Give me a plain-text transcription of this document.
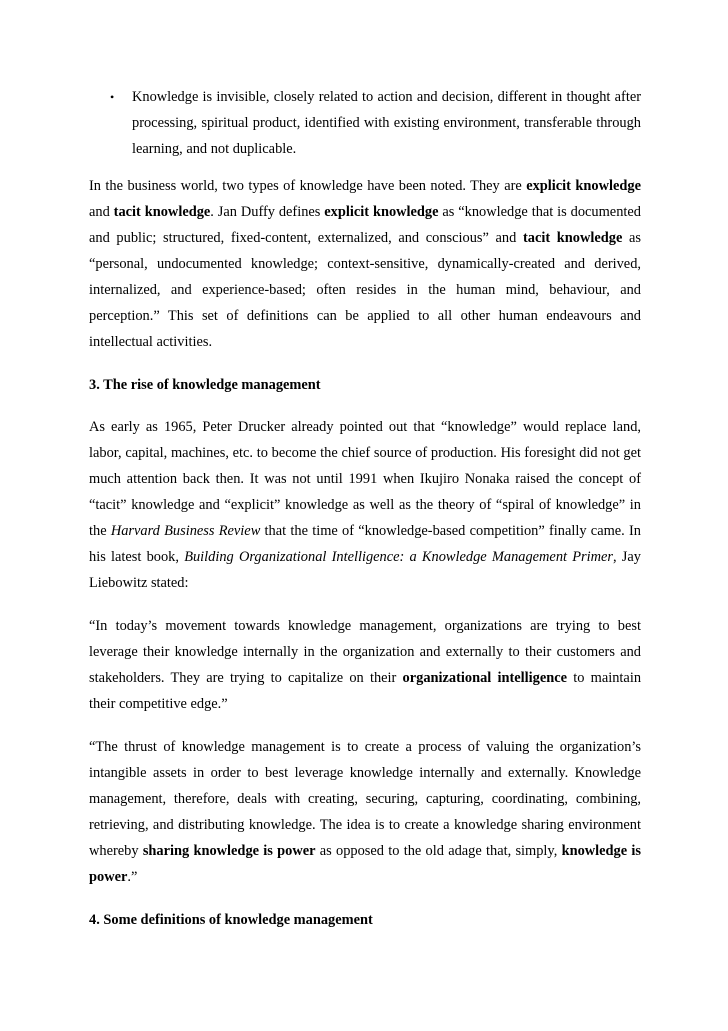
• Knowledge is invisible, closely related to action and decision, different in thought after processing, spiritual product, identified with existing environment, transferable through learning, and not duplicable.

In the business world, two types of knowledge have been noted. They are explicit knowledge and tacit knowledge. Jan Duffy defines explicit knowledge as “knowledge that is documented and public; structured, fixed-content, externalized, and conscious” and tacit knowledge as “personal, undocumented knowledge; context-sensitive, dynamically-created and derived, internalized, and experience-based; often resides in the human mind, behaviour, and perception.” This set of definitions can be applied to all other human endeavours and intellectual activities.

3. The rise of knowledge management

As early as 1965, Peter Drucker already pointed out that “knowledge” would replace land, labor, capital, machines, etc. to become the chief source of production. His foresight did not get much attention back then. It was not until 1991 when Ikujiro Nonaka raised the concept of “tacit” knowledge and “explicit” knowledge as well as the theory of “spiral of knowledge” in the Harvard Business Review that the time of “knowledge-based competition” finally came. In his latest book, Building Organizational Intelligence: a Knowledge Management Primer, Jay Liebowitz stated:

“In today’s movement towards knowledge management, organizations are trying to best leverage their knowledge internally in the organization and externally to their customers and stakeholders. They are trying to capitalize on their organizational intelligence to maintain their competitive edge.”

“The thrust of knowledge management is to create a process of valuing the organization’s intangible assets in order to best leverage knowledge internally and externally. Knowledge management, therefore, deals with creating, securing, capturing, coordinating, combining, retrieving, and distributing knowledge. The idea is to create a knowledge sharing environment whereby sharing knowledge is power as opposed to the old adage that, simply, knowledge is power.”

4. Some definitions of knowledge management
